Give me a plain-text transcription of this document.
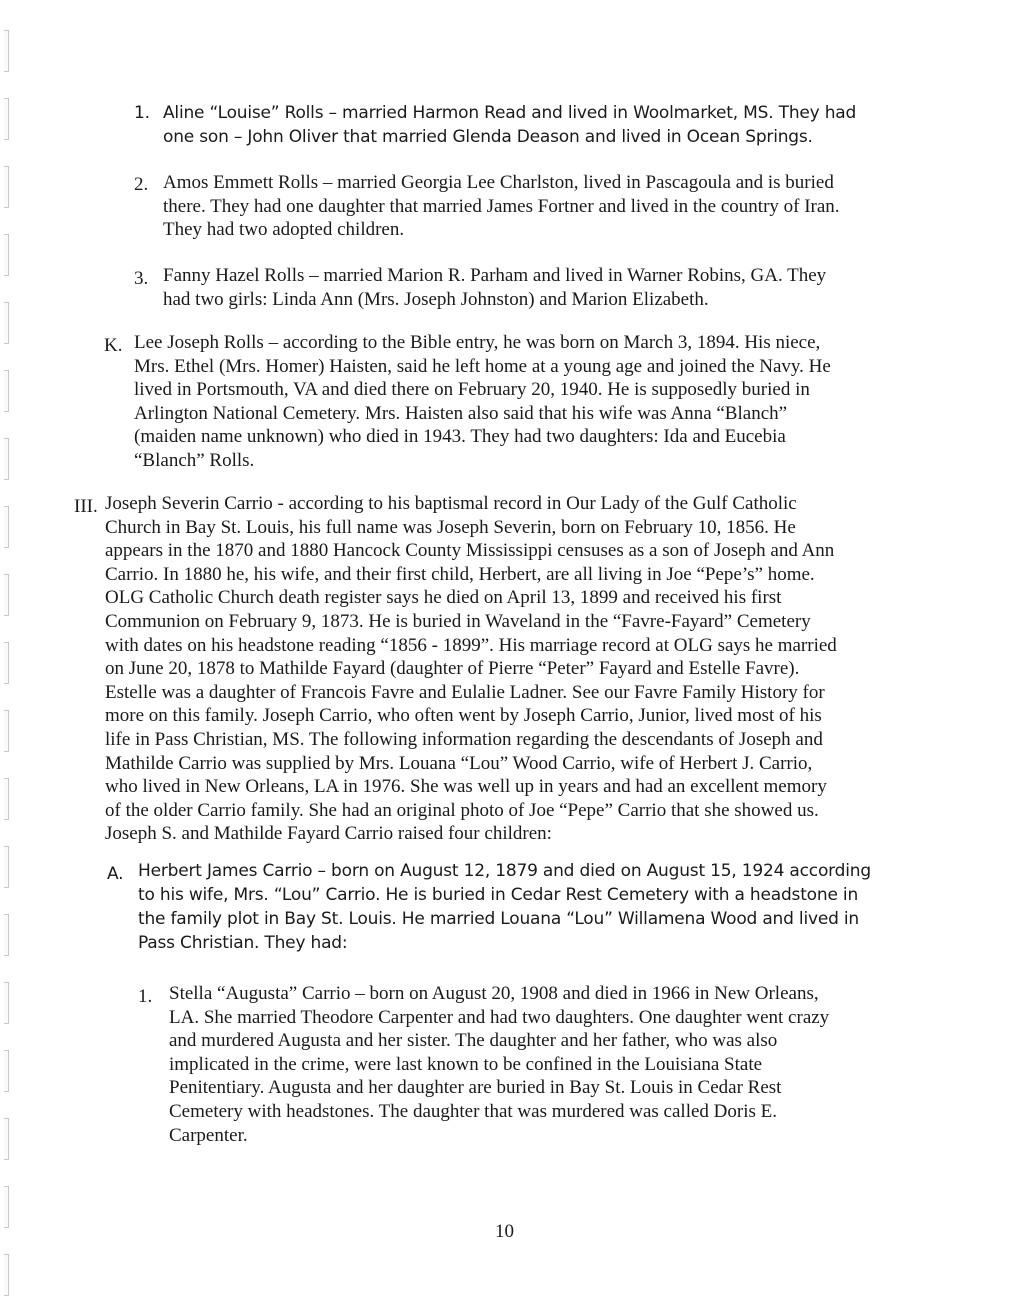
1. Aline “Louise” Rolls – married Harmon Read and lived in Woolmarket, MS. They had
one son – John Oliver that married Glenda Deason and lived in Ocean Springs.
2. Amos Emmett Rolls – married Georgia Lee Charlston, lived in Pascagoula and is buried
there. They had one daughter that married James Fortner and lived in the country of Iran.
They had two adopted children.
3. Fanny Hazel Rolls – married Marion R. Parham and lived in Warner Robins, GA. They
had two girls: Linda Ann (Mrs. Joseph Johnston) and Marion Elizabeth.
K. Lee Joseph Rolls – according to the Bible entry, he was born on March 3, 1894. His niece,
Mrs. Ethel (Mrs. Homer) Haisten, said he left home at a young age and joined the Navy. He
lived in Portsmouth, VA and died there on February 20, 1940. He is supposedly buried in
Arlington National Cemetery. Mrs. Haisten also said that his wife was Anna “Blanch”
(maiden name unknown) who died in 1943. They had two daughters: Ida and Eucebia
“Blanch” Rolls.
III. Joseph Severin Carrio - according to his baptismal record in Our Lady of the Gulf Catholic
Church in Bay St. Louis, his full name was Joseph Severin, born on February 10, 1856. He
appears in the 1870 and 1880 Hancock County Mississippi censuses as a son of Joseph and Ann
Carrio. In 1880 he, his wife, and their first child, Herbert, are all living in Joe “Pepe’s” home.
OLG Catholic Church death register says he died on April 13, 1899 and received his first
Communion on February 9, 1873. He is buried in Waveland in the “Favre-Fayard” Cemetery
with dates on his headstone reading “1856 - 1899”. His marriage record at OLG says he married
on June 20, 1878 to Mathilde Fayard (daughter of Pierre “Peter” Fayard and Estelle Favre).
Estelle was a daughter of Francois Favre and Eulalie Ladner. See our Favre Family History for
more on this family. Joseph Carrio, who often went by Joseph Carrio, Junior, lived most of his
life in Pass Christian, MS. The following information regarding the descendants of Joseph and
Mathilde Carrio was supplied by Mrs. Louana “Lou” Wood Carrio, wife of Herbert J. Carrio,
who lived in New Orleans, LA in 1976. She was well up in years and had an excellent memory
of the older Carrio family. She had an original photo of Joe “Pepe” Carrio that she showed us.
Joseph S. and Mathilde Fayard Carrio raised four children:
A. Herbert James Carrio – born on August 12, 1879 and died on August 15, 1924 according
to his wife, Mrs. “Lou” Carrio. He is buried in Cedar Rest Cemetery with a headstone in
the family plot in Bay St. Louis. He married Louana “Lou” Willamena Wood and lived in
Pass Christian. They had:
1. Stella “Augusta” Carrio – born on August 20, 1908 and died in 1966 in New Orleans,
LA. She married Theodore Carpenter and had two daughters. One daughter went crazy
and murdered Augusta and her sister. The daughter and her father, who was also
implicated in the crime, were last known to be confined in the Louisiana State
Penitentiary. Augusta and her daughter are buried in Bay St. Louis in Cedar Rest
Cemetery with headstones. The daughter that was murdered was called Doris E.
Carpenter.
10
